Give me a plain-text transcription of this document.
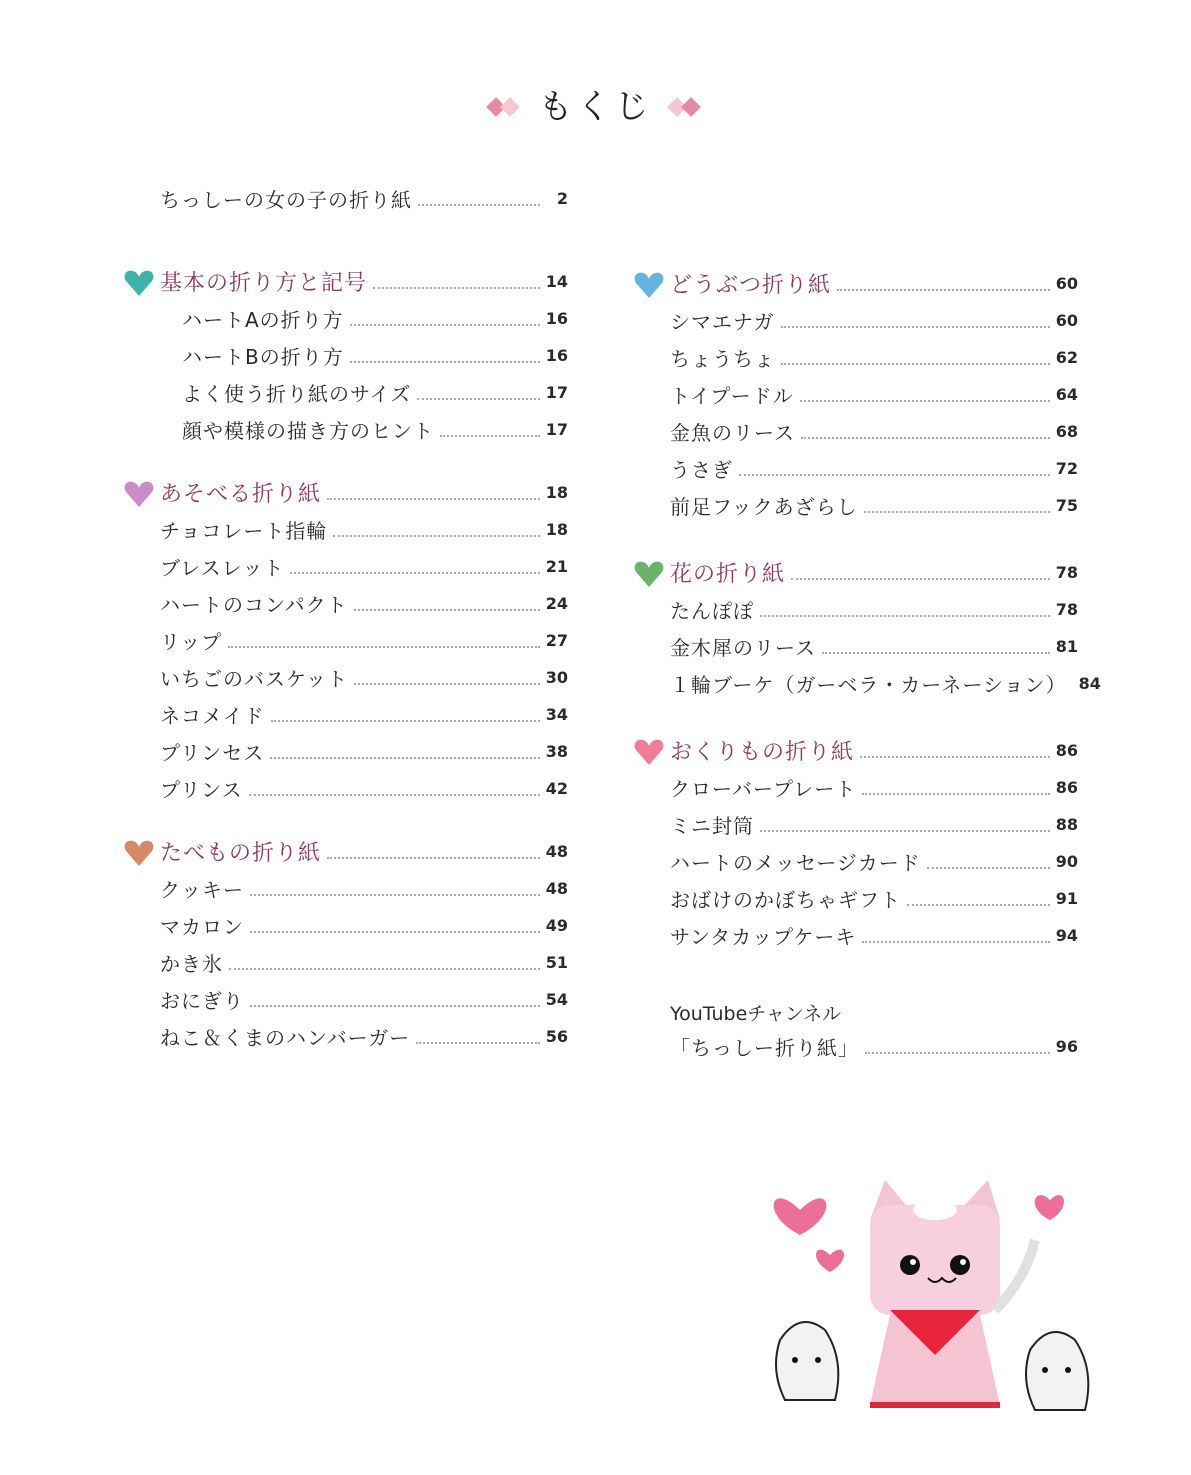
もくじ
ちっしーの女の子の折り紙	2
基本の折り方と記号	14
ハートAの折り方	16
ハートBの折り方	16
よく使う折り紙のサイズ	17
顔や模様の描き方のヒント	17
あそべる折り紙	18
チョコレート指輪	18
ブレスレット	21
ハートのコンパクト	24
リップ	27
いちごのバスケット	30
ネコメイド	34
プリンセス	38
プリンス	42
たべもの折り紙	48
クッキー	48
マカロン	49
かき氷	51
おにぎり	54
ねこ＆くまのハンバーガー	56
どうぶつ折り紙	60
シマエナガ	60
ちょうちょ	62
トイプードル	64
金魚のリース	68
うさぎ	72
前足フックあざらし	75
花の折り紙	78
たんぽぽ	78
金木犀のリース	81
１輪ブーケ（ガーベラ・カーネーション） 84
おくりもの折り紙	86
クローバープレート	86
ミニ封筒	88
ハートのメッセージカード	90
おばけのかぼちゃギフト	91
サンタカップケーキ	94
YouTubeチャンネル
「ちっしー折り紙」	96
